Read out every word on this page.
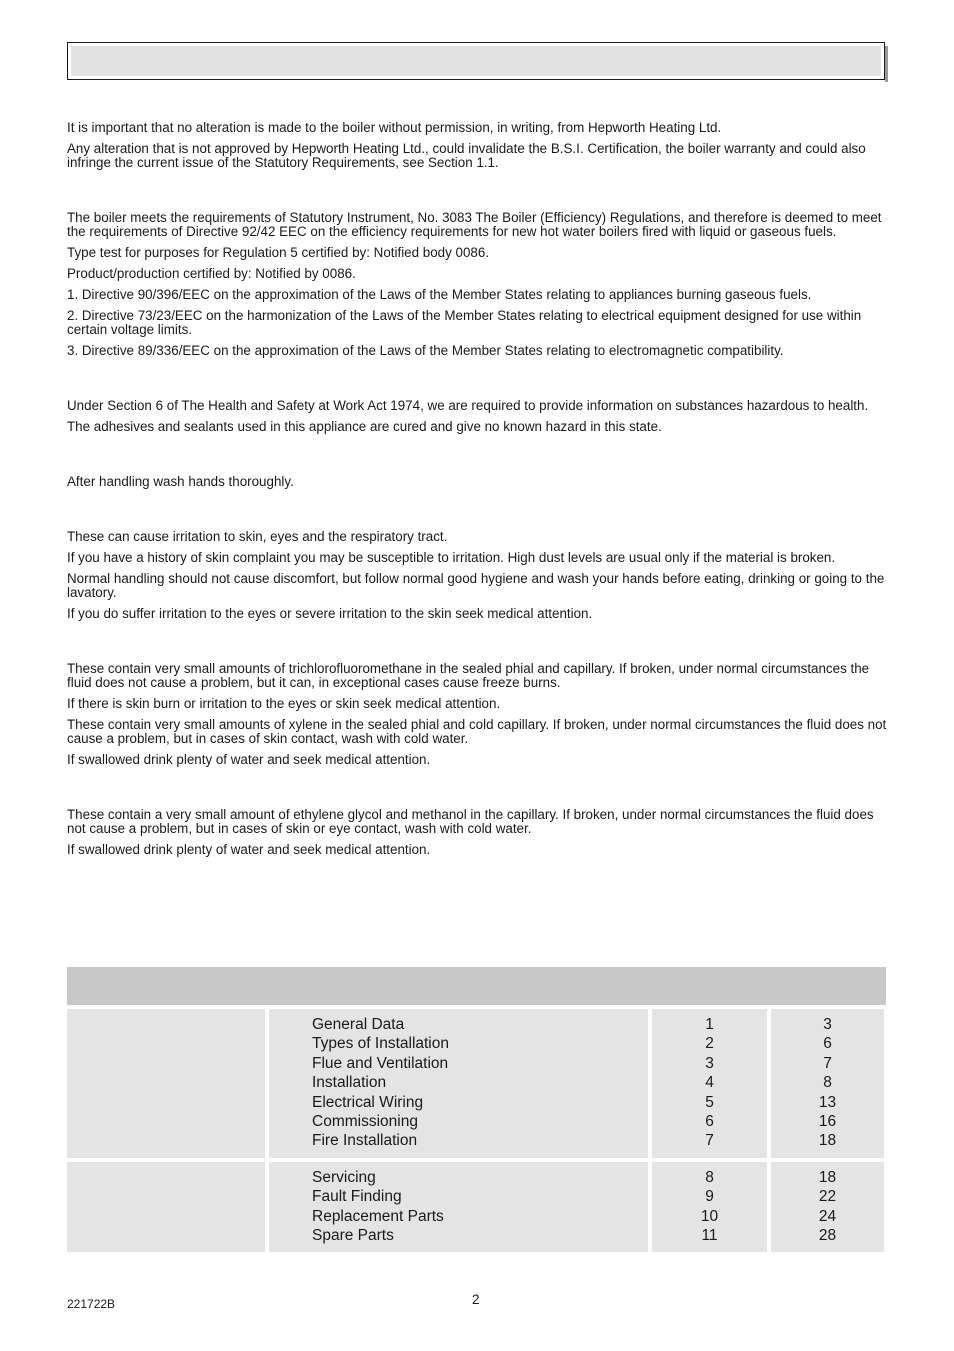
It is important that no alteration is made to the boiler without permission, in writing, from Hepworth Heating Ltd.

Any alteration that is not approved by Hepworth Heating Ltd., could invalidate the B.S.I. Certification, the boiler warranty and could also infringe the current issue of the Statutory Requirements, see Section 1.1.

The boiler meets the requirements of Statutory Instrument, No. 3083 The Boiler (Efficiency) Regulations, and therefore is deemed to meet the requirements of Directive 92/42 EEC on the efficiency requirements for new hot water boilers fired with liquid or gaseous fuels.

Type test for purposes for Regulation 5 certified by: Notified body 0086.

Product/production certified by: Notified by 0086.

1. Directive 90/396/EEC on the approximation of the Laws of the Member States relating to appliances burning gaseous fuels.

2. Directive 73/23/EEC on the harmonization of the Laws of the Member States relating to electrical equipment designed for use within certain voltage limits.

3. Directive 89/336/EEC on the approximation of the Laws of the Member States relating to electromagnetic compatibility.

Under Section 6 of The Health and Safety at Work Act 1974, we are required to provide information on substances hazardous to health.

The adhesives and sealants used in this appliance are cured and give no known hazard in this state.

After handling wash hands thoroughly.

These can cause irritation to skin, eyes and the respiratory tract.

If you have a history of skin complaint you may be susceptible to irritation. High dust levels are usual only if the material is broken.

Normal handling should not cause discomfort, but follow normal good hygiene and wash your hands before eating, drinking or going to the lavatory.

If you do suffer irritation to the eyes or severe irritation to the skin seek medical attention.

These contain very small amounts of trichlorofluoromethane in the sealed phial and capillary. If broken, under normal circumstances the fluid does not cause a problem, but it can, in exceptional cases cause freeze burns.

If there is skin burn or irritation to the eyes or skin seek medical attention.

These contain very small amounts of xylene in the sealed phial and cold capillary. If broken, under normal circumstances the fluid does not cause a problem, but in cases of skin contact, wash with cold water.

If swallowed drink plenty of water and seek medical attention.

These contain a very small amount of ethylene glycol and methanol in the capillary. If broken, under normal circumstances the fluid does not cause a problem, but in cases of skin or eye contact, wash with cold water.

If swallowed drink plenty of water and seek medical attention.

General Data
Types of Installation
Flue and Ventilation
Installation
Electrical Wiring
Commissioning
Fire Installation
1
2
3
4
5
6
7
3
6
7
8
13
16
18
Servicing
Fault Finding
Replacement Parts
Spare Parts
8
9
10
11
18
22
24
28
221722B	2
